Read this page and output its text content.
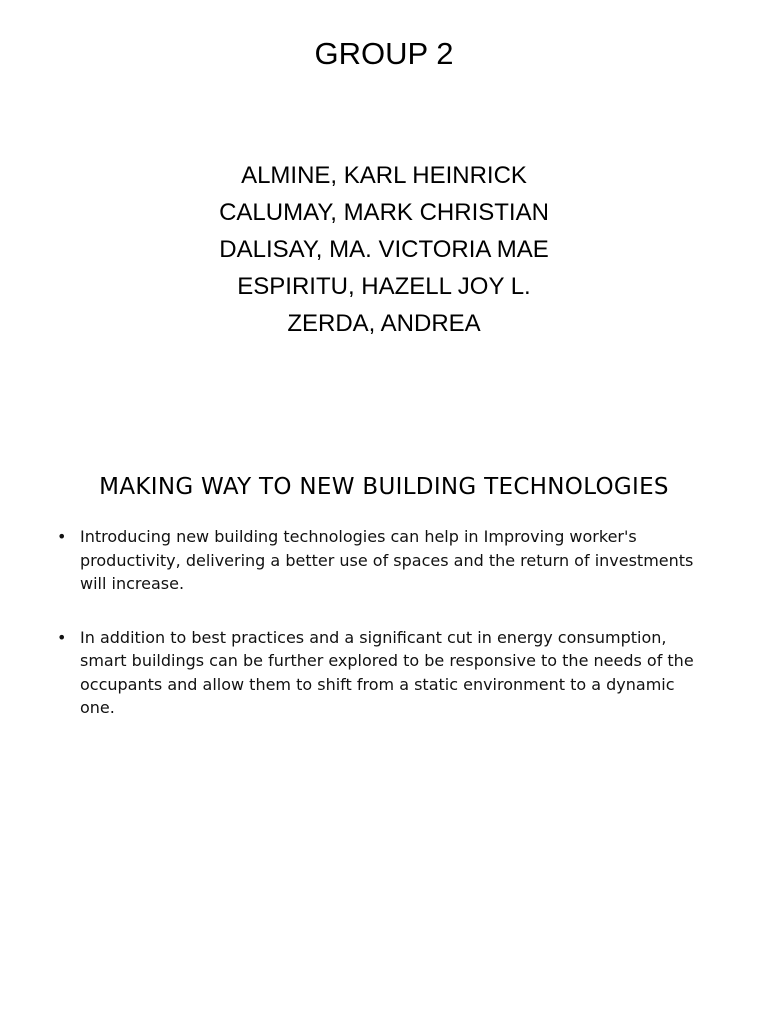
GROUP 2
ALMINE, KARL HEINRICK
CALUMAY, MARK CHRISTIAN
DALISAY, MA. VICTORIA MAE
ESPIRITU, HAZELL JOY L.
ZERDA, ANDREA
MAKING WAY TO NEW BUILDING TECHNOLOGIES
• Introducing new building technologies can help in Improving worker's productivity, delivering a better use of spaces and the return of investments will increase.
• In addition to best practices and a significant cut in energy consumption, smart buildings can be further explored to be responsive to the needs of the occupants and allow them to shift from a static environment to a dynamic one.
